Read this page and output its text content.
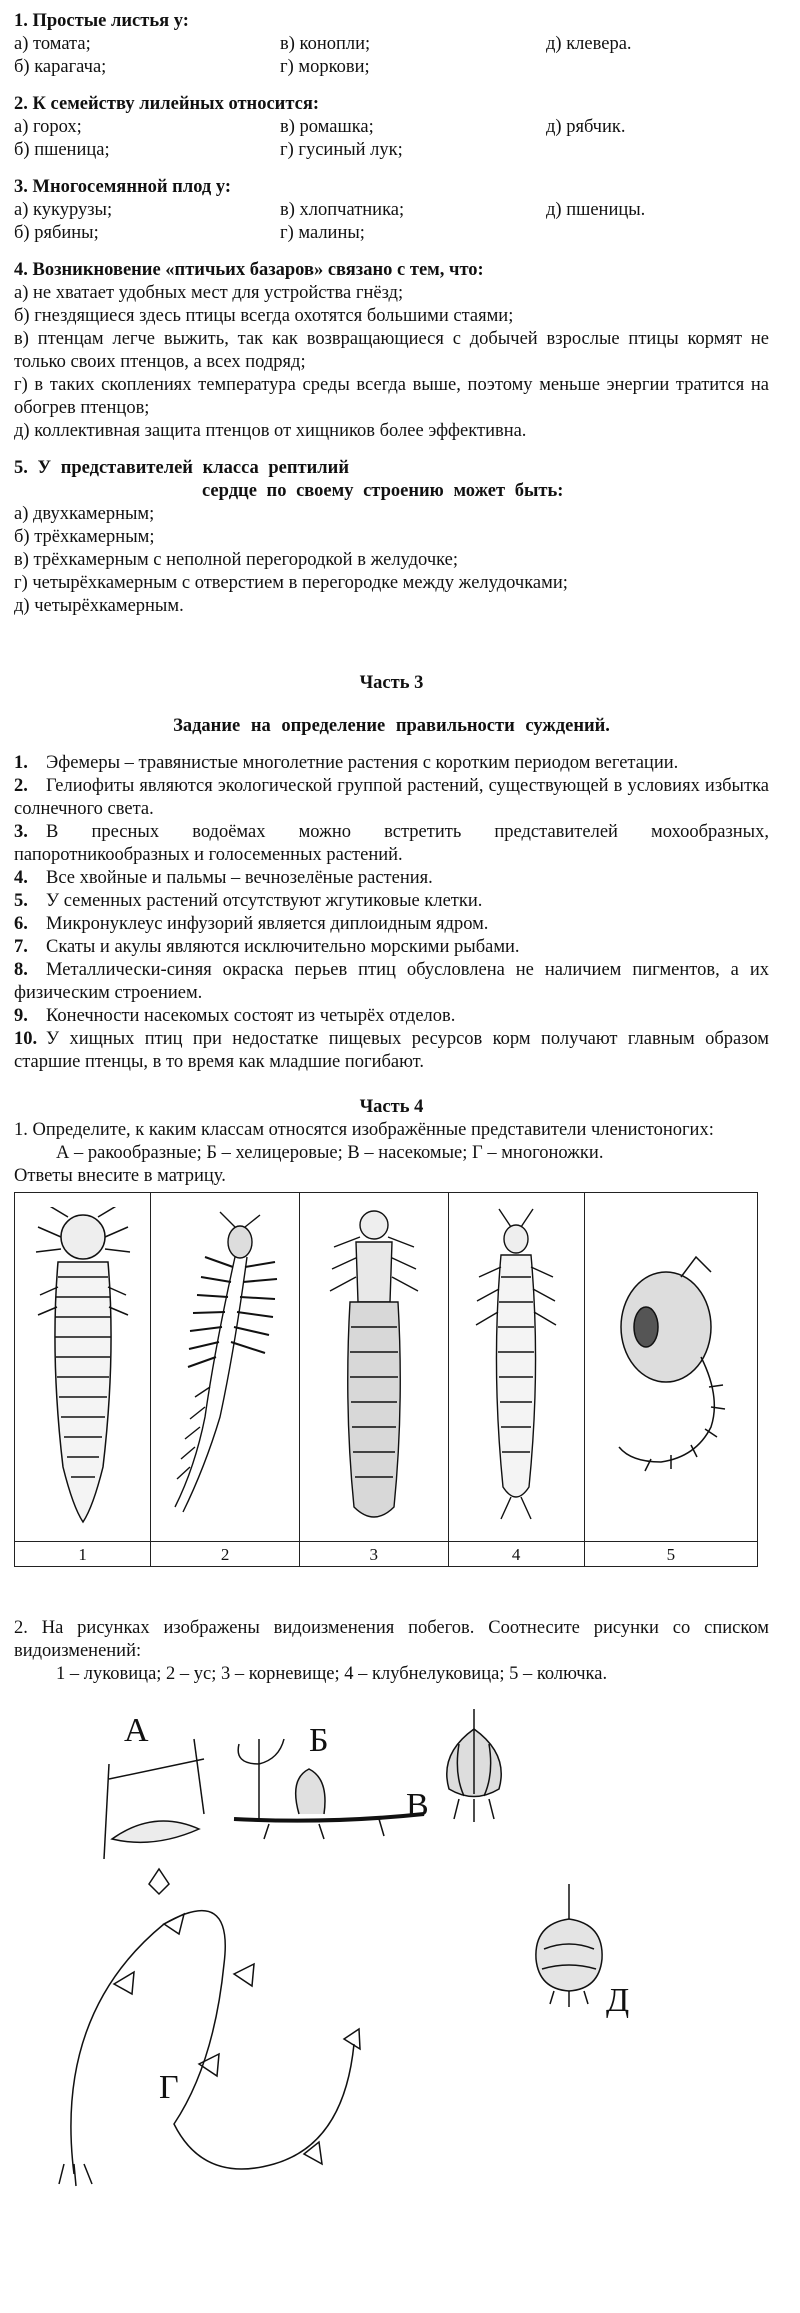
1. Простые листья у:
а) томата;	в) конопли;	д) клевера.
б) карагача;	г) моркови;
2. К семейству лилейных относится:
а) горох;	в) ромашка;	д) рябчик.
б) пшеница;	г) гусиный лук;
3. Многосемянной плод у:
а) кукурузы;	в) хлопчатника;	д) пшеницы.
б) рябины;	г) малины;
4. Возникновение «птичьих базаров» связано с тем, что:
а) не хватает удобных мест для устройства гнёзд;
б) гнездящиеся здесь птицы всегда охотятся большими стаями;
в) птенцам легче выжить, так как возвращающиеся с добычей взрослые птицы кормят не только своих птенцов, а всех подряд;
г) в таких скоплениях температура среды всегда выше, поэтому меньше энергии тратится на обогрев птенцов;
д) коллективная защита птенцов от хищников более эффективна.
5. У представителей класса рептилий
сердце по своему строению может быть:
а) двухкамерным;
б) трёхкамерным;
в) трёхкамерным с неполной перегородкой в желудочке;
г) четырёхкамерным с отверстием в перегородке между желудочками;
д) четырёхкамерным.
Часть 3
Задание на определение правильности суждений.
1. Эфемеры – травянистые многолетние растения с коротким периодом вегетации.
2. Гелиофиты являются экологической группой растений, существующей в условиях избытка солнечного света.
3. В пресных водоёмах можно встретить представителей мохообразных, папоротникообразных и голосеменных растений.
4. Все хвойные и пальмы – вечнозелёные растения.
5. У семенных растений отсутствуют жгутиковые клетки.
6. Микронуклеус инфузорий является диплоидным ядром.
7. Скаты и акулы являются исключительно морскими рыбами.
8. Металлически-синяя окраска перьев птиц обусловлена не наличием пигментов, а их физическим строением.
9. Конечности насекомых состоят из четырёх отделов.
10. У хищных птиц при недостатке пищевых ресурсов корм получают главным образом старшие птенцы, в то время как младшие погибают.
Часть 4
1. Определите, к каким классам относятся изображённые представители членистоногих:
А – ракообразные; Б – хелицеровые; В – насекомые; Г – многоножки.
Ответы внесите в матрицу.

1	2	3	4	5
2. На рисунках изображены видоизменения побегов. Соотнесите рисунки со списком видоизменений:
1 – луковица; 2 – ус; 3 – корневище; 4 – клубнелуковица; 5 – колючка.
А	Б
В
Г
Д
